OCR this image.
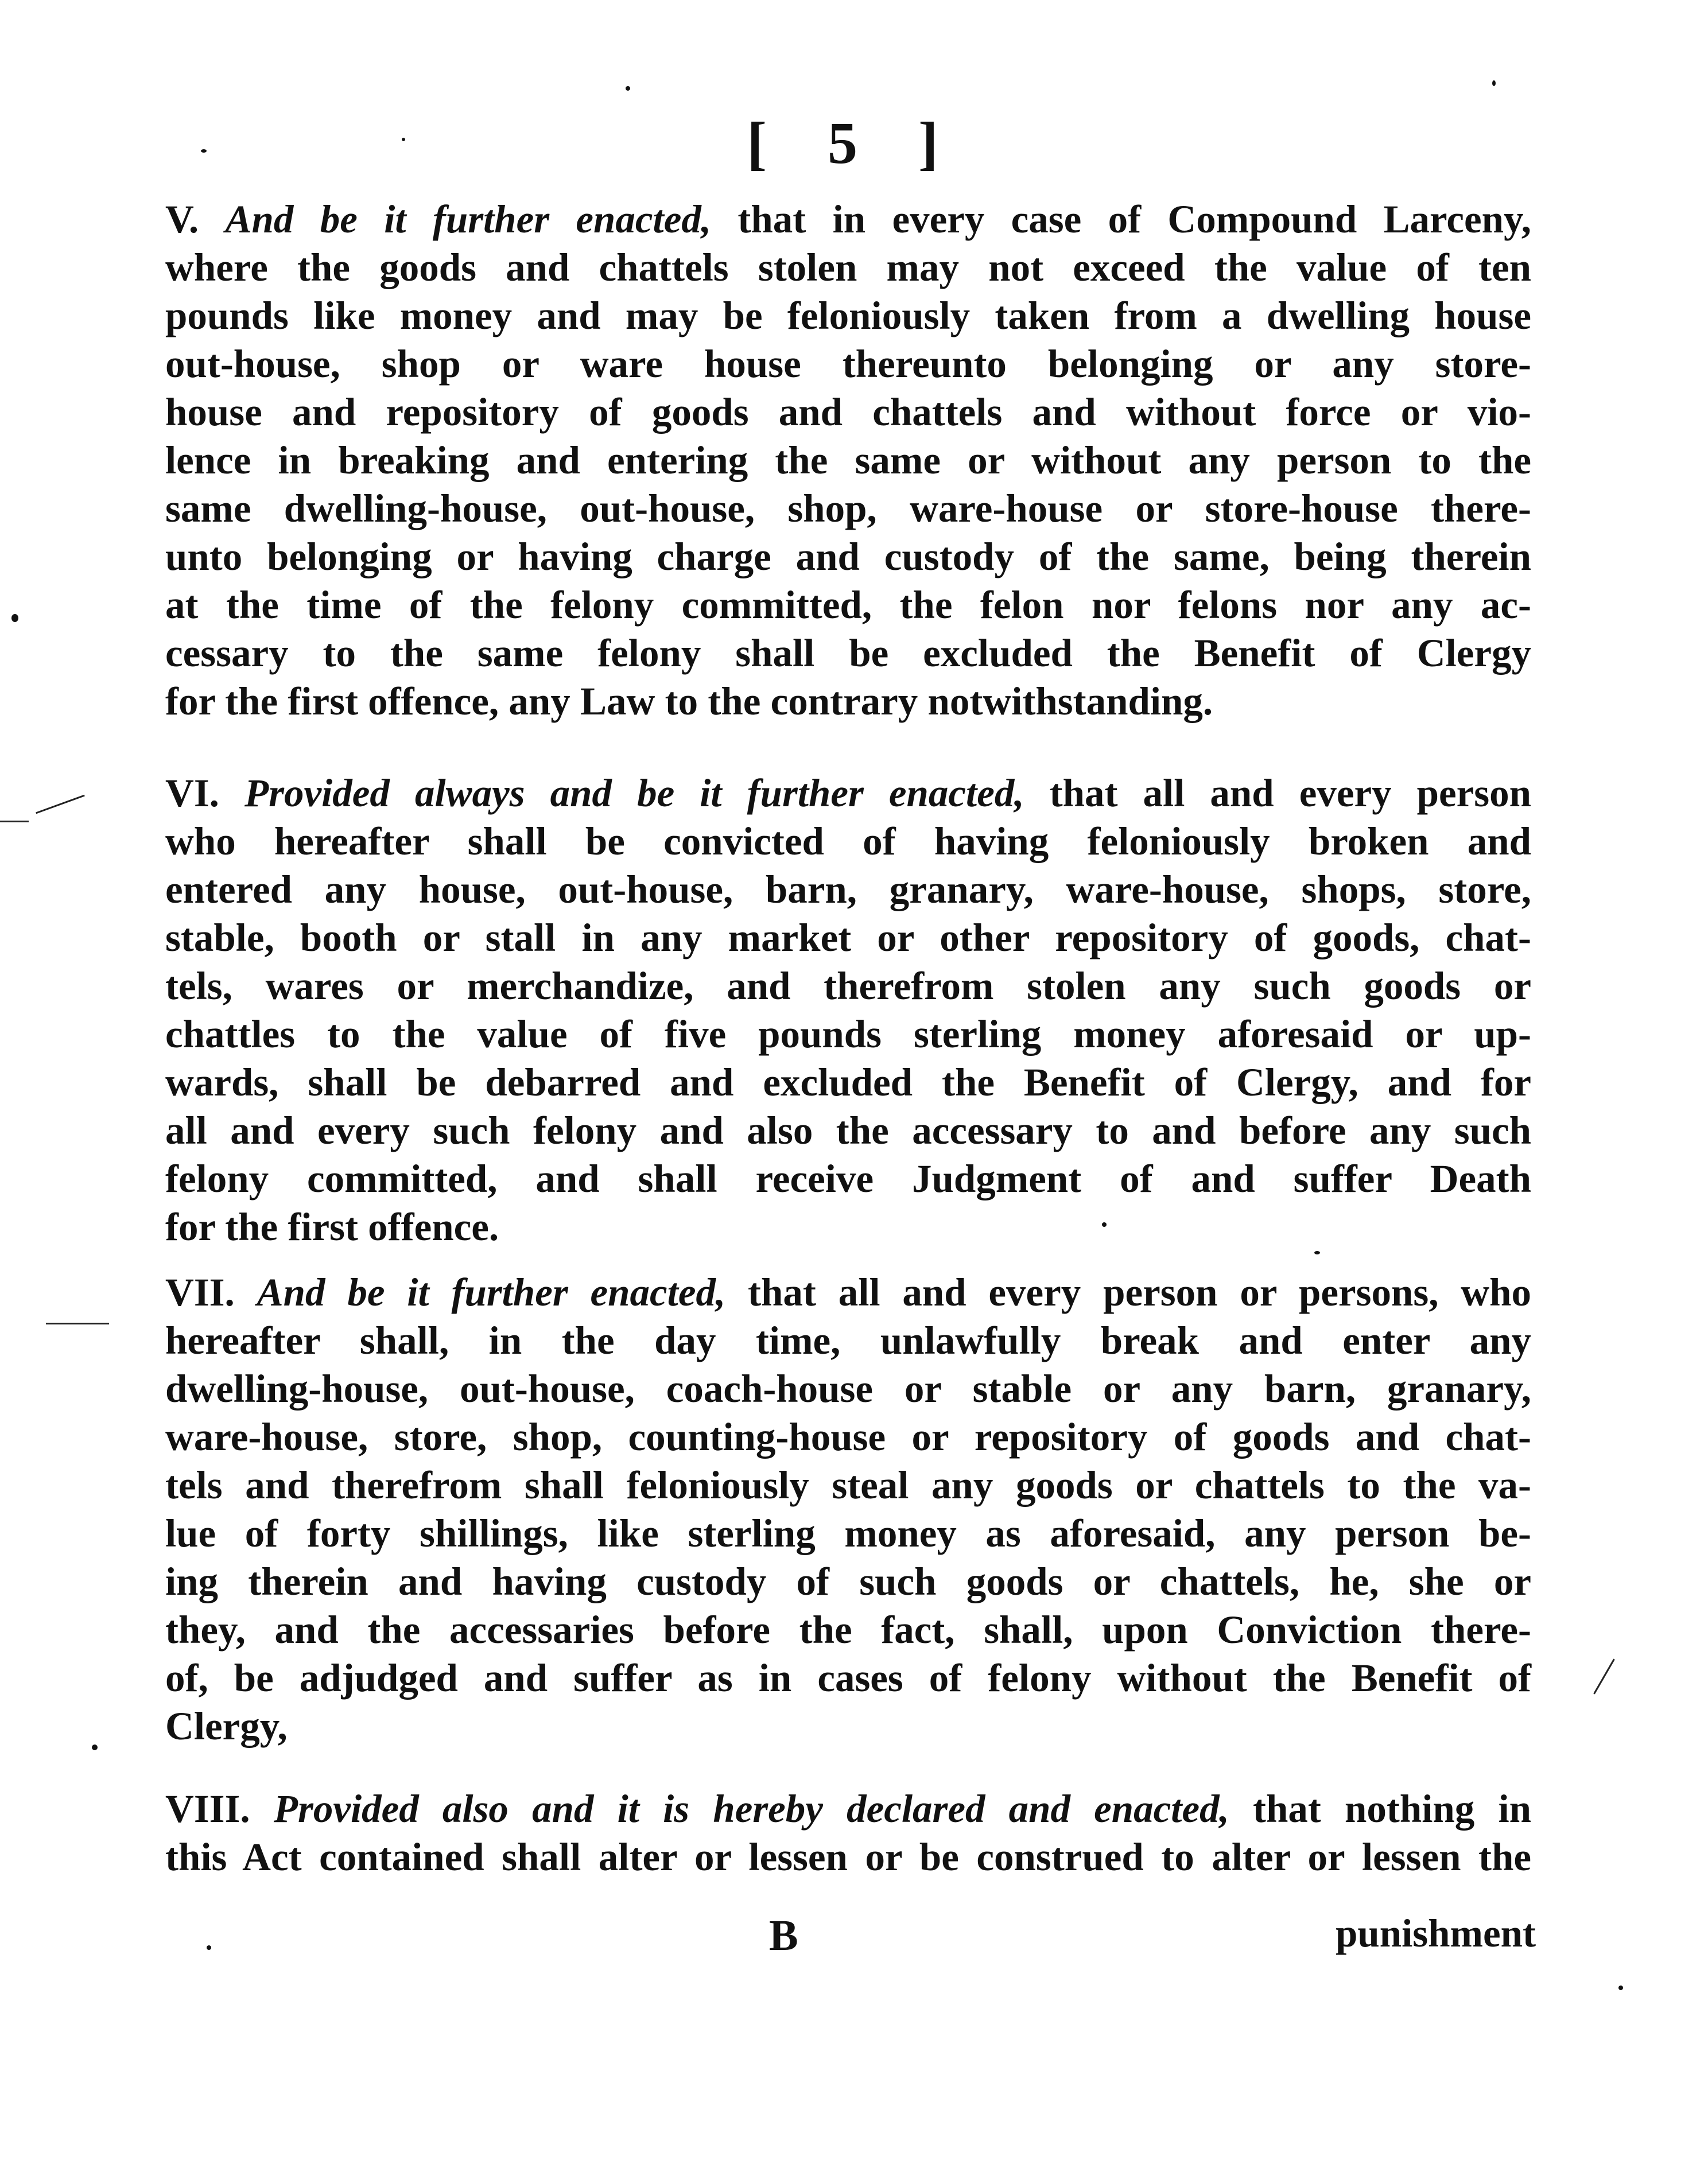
[ 5 ]
V. And be it further enacted, that in every case of Compound Larceny,
where the goods and chattels stolen may not exceed the value of ten
pounds like money and may be feloniously taken from a dwelling house
out-house, shop or ware house thereunto belonging or any store-
house and repository of goods and chattels and without force or vio-
lence in breaking and entering the same or without any person to the
same dwelling-house, out-house, shop, ware-house or store-house there-
unto belonging or having charge and custody of the same, being therein
at the time of the felony committed, the felon nor felons nor any ac-
cessary to the same felony shall be excluded the Benefit of Clergy
for the first offence, any Law to the contrary notwithstanding.
VI. Provided always and be it further enacted, that all and every person
who hereafter shall be convicted of having feloniously broken and
entered any house, out-house, barn, granary, ware-house, shops, store,
stable, booth or stall in any market or other repository of goods, chat-
tels, wares or merchandize, and therefrom stolen any such goods or
chattles to the value of five pounds sterling money aforesaid or up-
wards, shall be debarred and excluded the Benefit of Clergy, and for
all and every such felony and also the accessary to and before any such
felony committed, and shall receive Judgment of and suffer Death
for the first offence.
VII. And be it further enacted, that all and every person or persons, who
hereafter shall, in the day time, unlawfully break and enter any
dwelling-house, out-house, coach-house or stable or any barn, granary,
ware-house, store, shop, counting-house or repository of goods and chat-
tels and therefrom shall feloniously steal any goods or chattels to the va-
lue of forty shillings, like sterling money as aforesaid, any person be-
ing therein and having custody of such goods or chattels, he, she or
they, and the accessaries before the fact, shall, upon Conviction there-
of, be adjudged and suffer as in cases of felony without the Benefit of
Clergy,
VIII. Provided also and it is hereby declared and enacted, that nothing in
this Act contained shall alter or lessen or be construed to alter or lessen the
B	punishment
